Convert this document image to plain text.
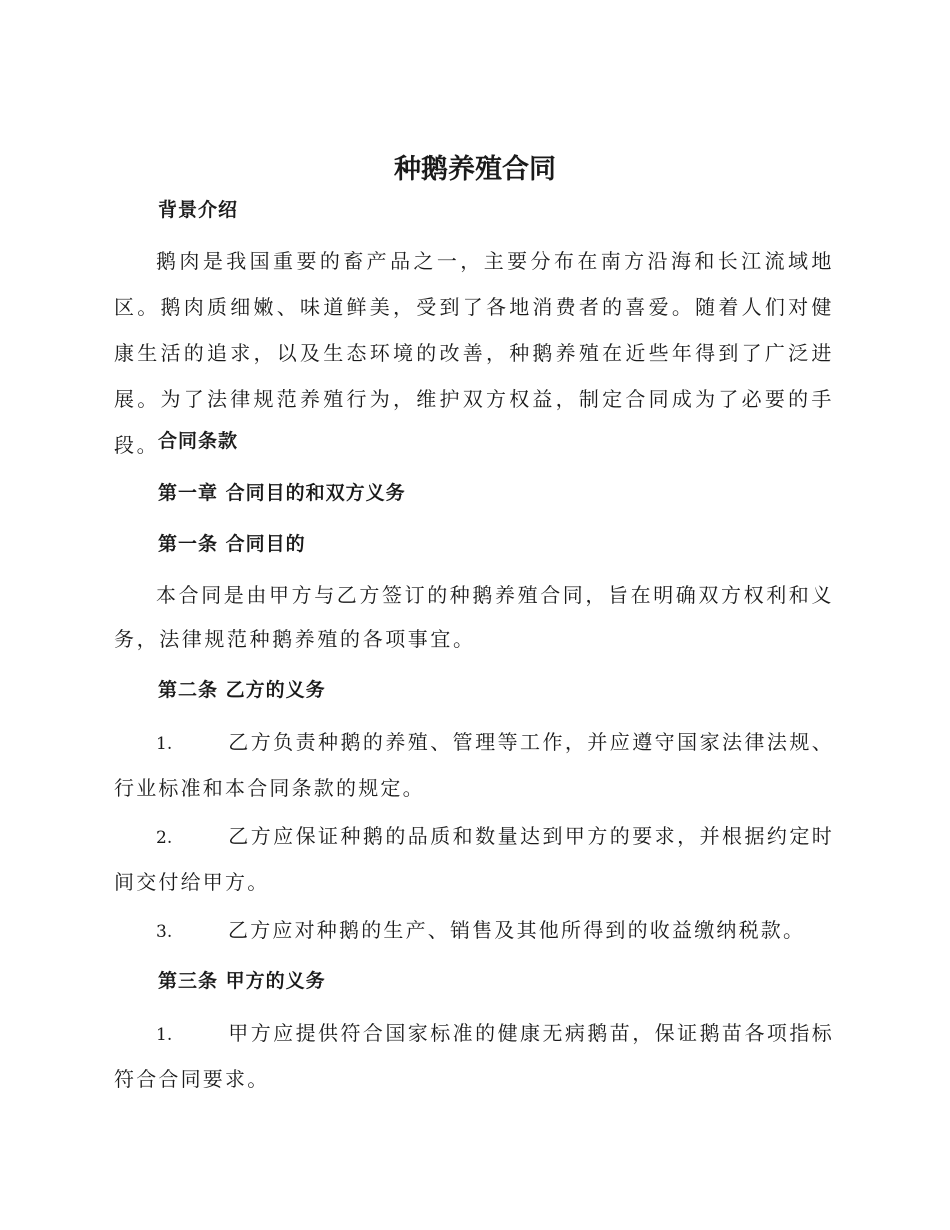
种鹅养殖合同
背景介绍
鹅肉是我国重要的畜产品之一，主要分布在南方沿海和长江流域地区。鹅肉质细嫩、味道鲜美，受到了各地消费者的喜爱。随着人们对健康生活的追求，以及生态环境的改善，种鹅养殖在近些年得到了广泛进展。为了法律规范养殖行为，维护双方权益，制定合同成为了必要的手段。
合同条款
第一章 合同目的和双方义务
第一条 合同目的
本合同是由甲方与乙方签订的种鹅养殖合同，旨在明确双方权利和义务，法律规范种鹅养殖的各项事宜。
第二条 乙方的义务
1.	乙方负责种鹅的养殖、管理等工作，并应遵守国家法律法规、行业标准和本合同条款的规定。
2.	乙方应保证种鹅的品质和数量达到甲方的要求，并根据约定时间交付给甲方。
3.	乙方应对种鹅的生产、销售及其他所得到的收益缴纳税款。
第三条 甲方的义务
1.	甲方应提供符合国家标准的健康无病鹅苗，保证鹅苗各项指标符合合同要求。
